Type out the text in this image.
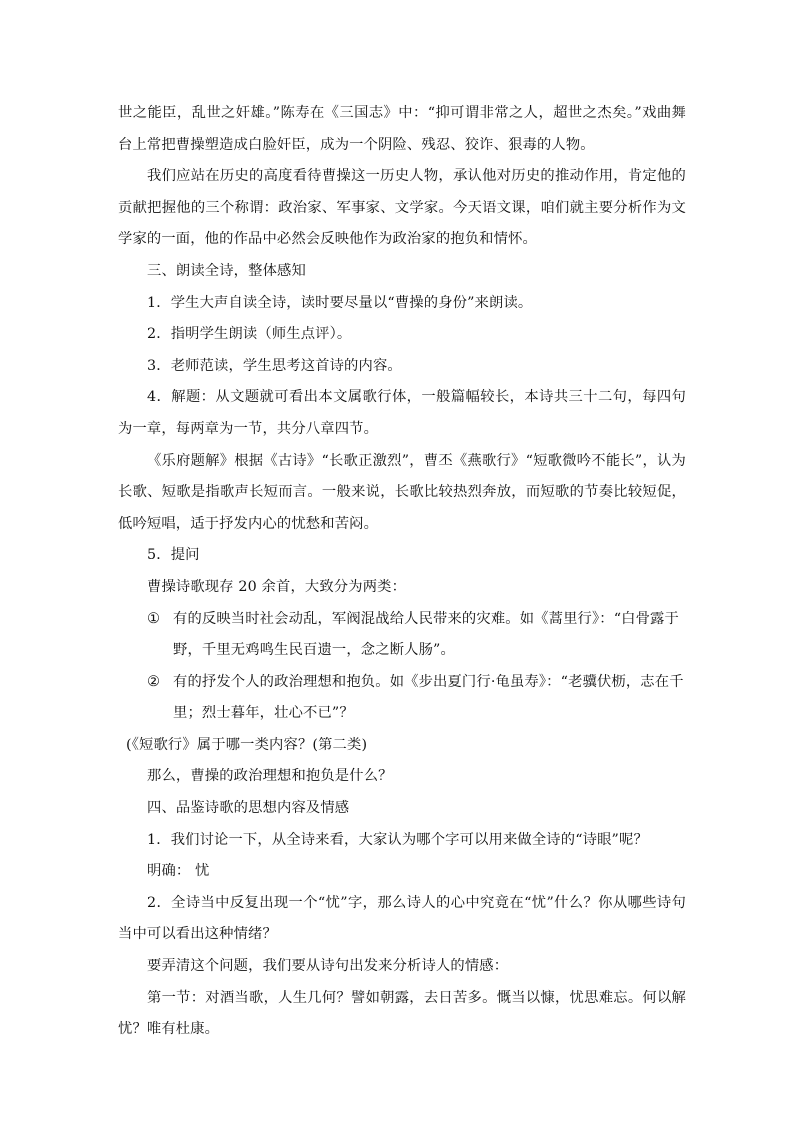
世之能臣，乱世之奸雄。”陈寿在《三国志》中：“抑可谓非常之人，超世之杰矣。”戏曲舞台上常把曹操塑造成白脸奸臣，成为一个阴险、残忍、狡诈、狠毒的人物。

我们应站在历史的高度看待曹操这一历史人物，承认他对历史的推动作用，肯定他的贡献把握他的三个称谓：政治家、军事家、文学家。今天语文课，咱们就主要分析作为文学家的一面，他的作品中必然会反映他作为政治家的抱负和情怀。

三、朗读全诗，整体感知

1．学生大声自读全诗，读时要尽量以“曹操的身份”来朗读。

2．指明学生朗读（师生点评）。

3．老师范读，学生思考这首诗的内容。

4．解题：从文题就可看出本文属歌行体，一般篇幅较长，本诗共三十二句，每四句为一章，每两章为一节，共分八章四节。

《乐府题解》根据《古诗》“长歌正激烈”，曹丕《燕歌行》“短歌微吟不能长”，认为长歌、短歌是指歌声长短而言。一般来说，长歌比较热烈奔放，而短歌的节奏比较短促，低吟短唱，适于抒发内心的忧愁和苦闷。

5．提问

曹操诗歌现存 20 余首，大致分为两类：

① 有的反映当时社会动乱，军阀混战给人民带来的灾难。如《蒿里行》：“白骨露于野，千里无鸡鸣生民百遗一，念之断人肠”。
② 有的抒发个人的政治理想和抱负。如《步出夏门行·龟虽寿》：“老骥伏枥，志在千里；烈士暮年，壮心不已”？

(《短歌行》属于哪一类内容？(第二类)

那么，曹操的政治理想和抱负是什么？

四、品鉴诗歌的思想内容及情感

1．我们讨论一下，从全诗来看，大家认为哪个字可以用来做全诗的“诗眼”呢？

明确： 忧

2．全诗当中反复出现一个“忧”字，那么诗人的心中究竟在“忧”什么？你从哪些诗句当中可以看出这种情绪？

要弄清这个问题，我们要从诗句出发来分析诗人的情感：

第一节：对酒当歌，人生几何？譬如朝露，去日苦多。慨当以慷，忧思难忘。何以解忧？唯有杜康。
